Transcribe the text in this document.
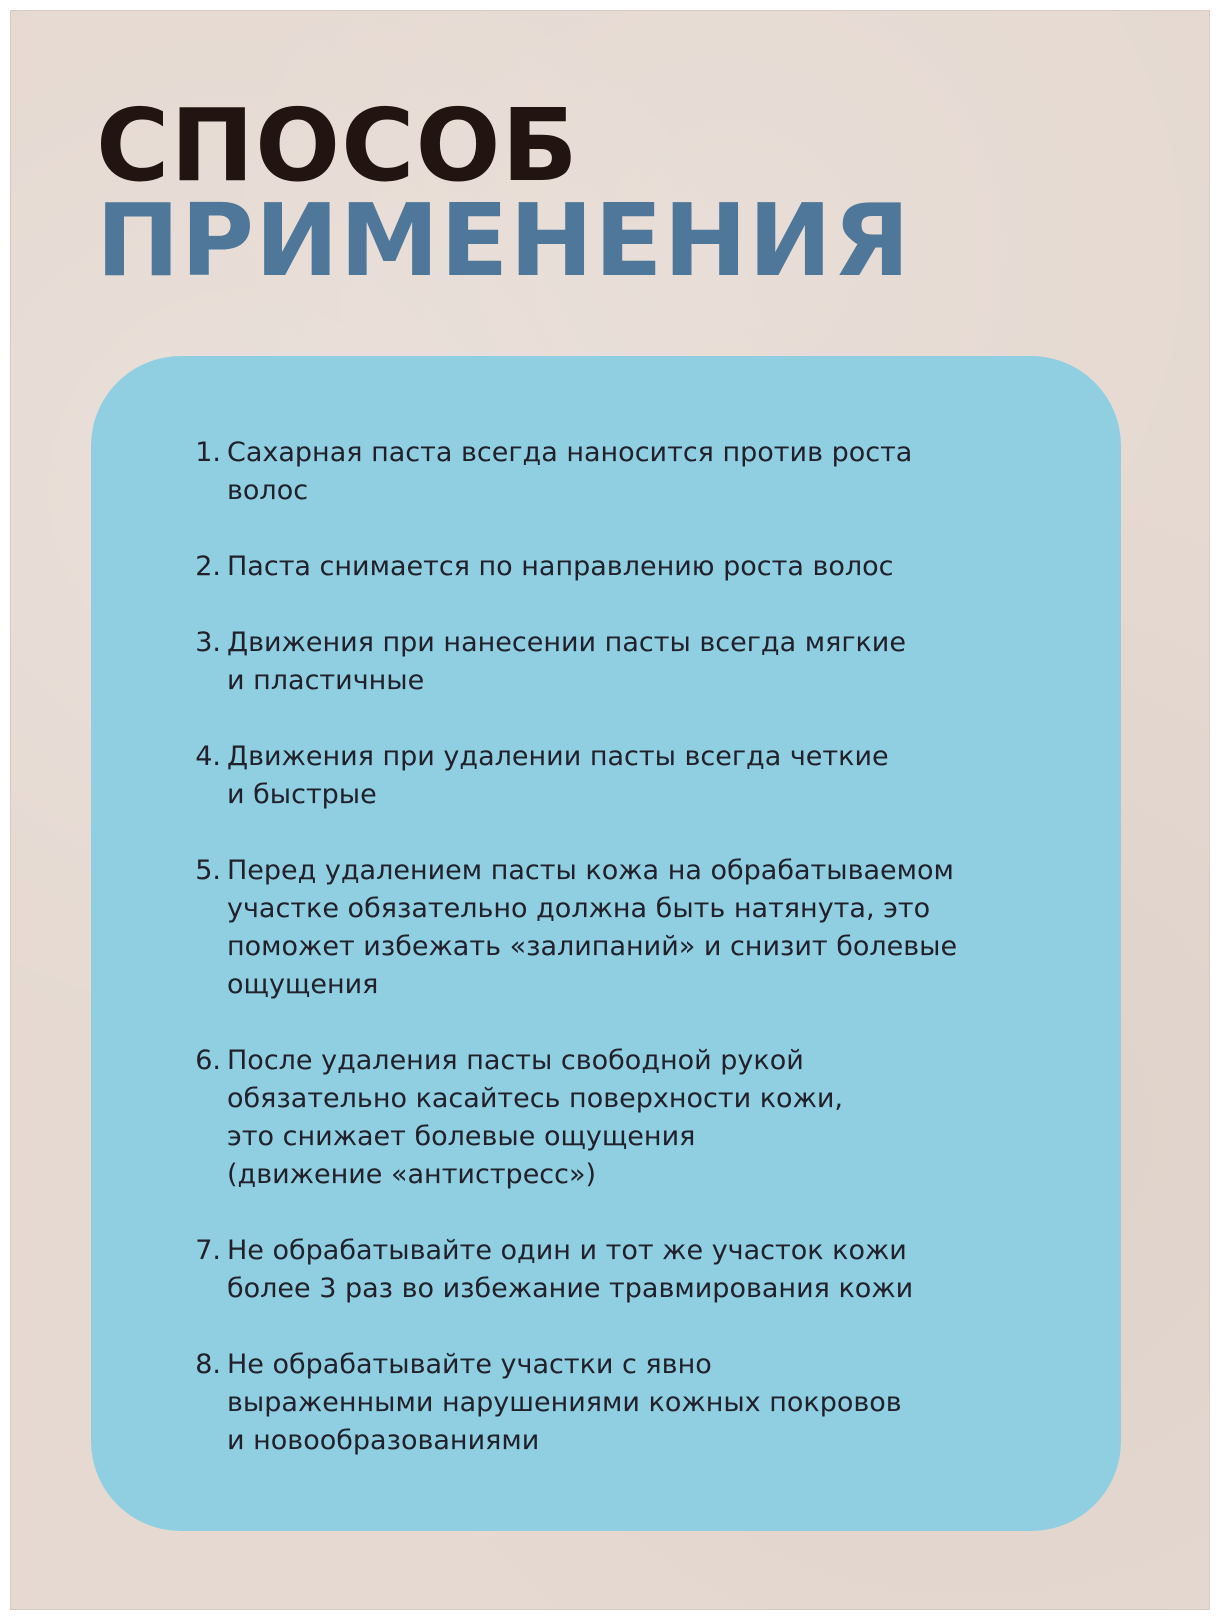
СПОСОБ
ПРИМЕНЕНИЯ
1. Сахарная паста всегда наносится против роста
волос
2. Паста снимается по направлению роста волос
3. Движения при нанесении пасты всегда мягкие
и пластичные
4. Движения при удалении пасты всегда четкие
и быстрые
5. Перед удалением пасты кожа на обрабатываемом
участке обязательно должна быть натянута, это
поможет избежать «залипаний» и снизит болевые
ощущения
6. После удаления пасты свободной рукой
обязательно касайтесь поверхности кожи,
это снижает болевые ощущения
(движение «антистресс»)
7. Не обрабатывайте один и тот же участок кожи
более 3 раз во избежание травмирования кожи
8. Не обрабатывайте участки с явно
выраженными нарушениями кожных покровов
и новообразованиями
